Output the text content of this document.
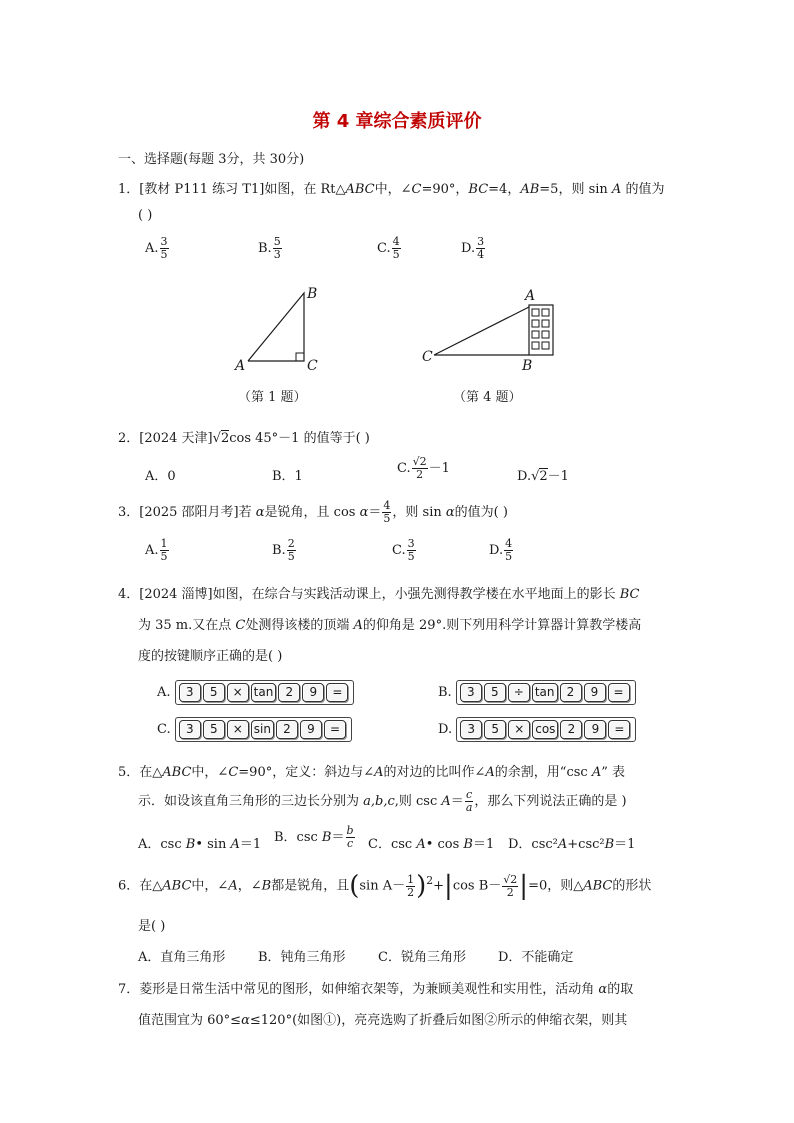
第 4 章综合素质评价
一、选择题(每题 3分，共 30分)
1．[教材 P111 练习 T1]如图，在 Rt△ABC中，∠C=90°，BC=4，AB=5，则 sin A 的值为
( )
A. $\frac{3}{5}$	B. $\frac{5}{3}$	C. $\frac{4}{5}$	D. $\frac{3}{4}$
A
B
C
（第 1 题）
A
C
B
（第 4 题）
2．[2024 天津]√2cos 45°－1 的值等于( )
A．0	B．1
C. $\frac{√2}{2} -1$
D.√2－1
3．[2025 邵阳月考]若 α是锐角，且 $\cos \alpha= \frac{4}{5}$ ，则 sin α的值为( )
A. $\frac{1}{5}$	B. $\frac{2}{5}$	C. $\frac{3}{5}$	D. $\frac{4}{5}$
4．[2024 淄博]如图，在综合与实践活动课上，小强先测得教学楼在水平地面上的影长 BC
为 35 m.又在点 C处测得该楼的顶端 A的仰角是 29°.则下列用科学计算器计算教学楼高
度的按键顺序正确的是( )
A. 3 5 × tan 2 9 =	B. 3 5 ÷ tan 2 9 =
C. 3 5 × sin 2 9 =	D. 3 5 × cos 2 9 =
5．在△ABC中，∠C=90°，定义：斜边与∠A的对边的比叫作∠A的余割，用“csc A” 表
示．如设该直角三角形的三边长分别为 a,b,c,则 $\csc A= \frac{c}{a}$ ，那么下列说法正确的是 )
A．csc B• sin A＝1 B．$\csc B= \frac{b}{c}$ C．csc A• cos B＝1 D．csc²A+csc²B＝1
6．在△ABC中，∠A，∠B都是锐角，且(sin $A- \frac{1}{2} )^2+|\cos$ $B- \frac{√2}{2} |=0$，则△ABC的形状
是( )
A．直角三角形	B．钝角三角形 C．锐角三角形 D．不能确定
7．菱形是日常生活中常见的图形，如伸缩衣架等，为兼顾美观性和实用性，活动角 α的取
值范围宜为 60°≤α≤120°(如图①)，亮亮选购了折叠后如图②所示的伸缩衣架，则其
